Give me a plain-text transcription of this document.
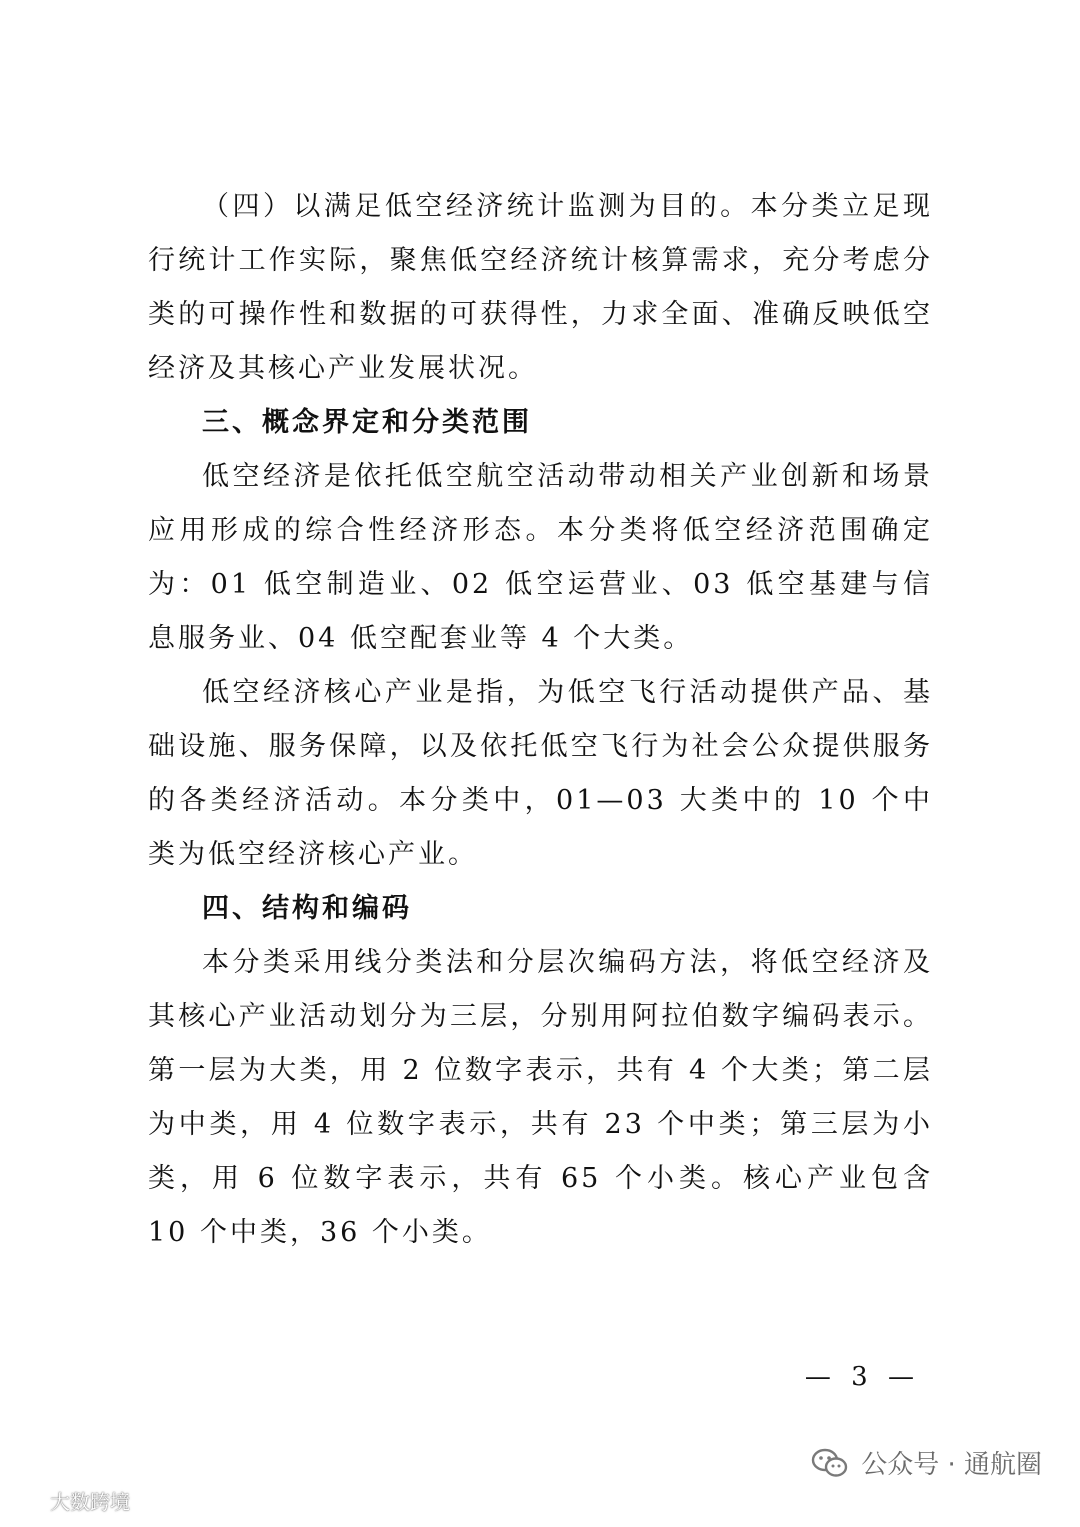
（四）以满足低空经济统计监测为目的。本分类立足现行统计工作实际，聚焦低空经济统计核算需求，充分考虑分类的可操作性和数据的可获得性，力求全面、准确反映低空经济及其核心产业发展状况。

三、概念界定和分类范围

低空经济是依托低空航空活动带动相关产业创新和场景应用形成的综合性经济形态。本分类将低空经济范围确定为：01 低空制造业、02 低空运营业、03 低空基建与信息服务业、04 低空配套业等 4 个大类。

低空经济核心产业是指，为低空飞行活动提供产品、基础设施、服务保障，以及依托低空飞行为社会公众提供服务的各类经济活动。本分类中，01—03 大类中的 10 个中类为低空经济核心产业。

四、结构和编码

本分类采用线分类法和分层次编码方法，将低空经济及其核心产业活动划分为三层，分别用阿拉伯数字编码表示。第一层为大类，用 2 位数字表示，共有 4 个大类；第二层为中类，用 4 位数字表示，共有 23 个中类；第三层为小类，用 6 位数字表示，共有 65 个小类。核心产业包含 10 个中类，36 个小类。

— 3 —
公众号 · 通航圈
大数跨境
